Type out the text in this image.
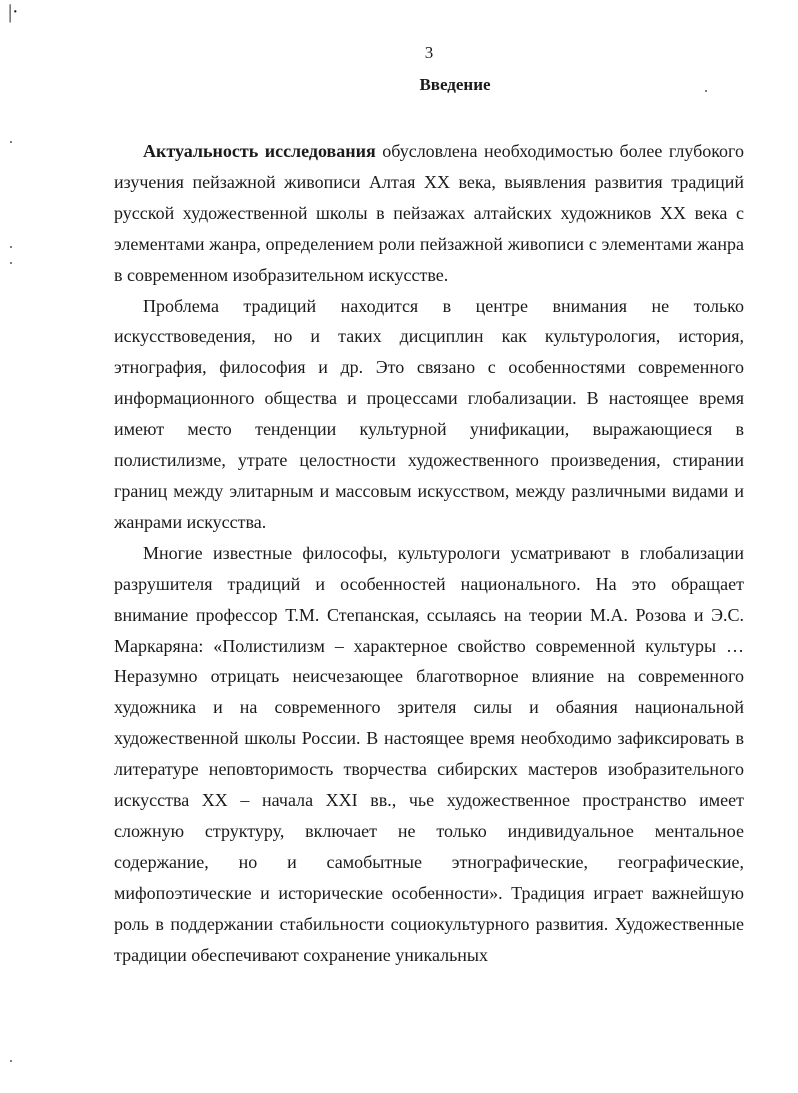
|·
3
Введение

Актуальность исследования обусловлена необходимостью более глубокого изучения пейзажной живописи Алтая XX века, выявления развития традиций русской художественной школы в пейзажах алтайских художников XX века с элементами жанра, определением роли пейзажной живописи с элементами жанра в современном изобразительном искусстве.

Проблема традиций находится в центре внимания не только искусствоведения, но и таких дисциплин как культурология, история, этнография, философия и др. Это связано с особенностями современного информационного общества и процессами глобализации. В настоящее время имеют место тенденции культурной унификации, выражающиеся в полистилизме, утрате целостности художественного произведения, стирании границ между элитарным и массовым искусством, между различными видами и жанрами искусства.

Многие известные философы, культурологи усматривают в глобализации разрушителя традиций и особенностей национального. На это обращает внимание профессор Т.М. Степанская, ссылаясь на теории М.А. Розова и Э.С. Маркаряна: «Полистилизм – характерное свойство современной культуры … Неразумно отрицать неисчезающее благотворное влияние на современного художника и на современного зрителя силы и обаяния национальной художественной школы России. В настоящее время необходимо зафиксировать в литературе неповторимость творчества сибирских мастеров изобразительного искусства XX – начала XXI вв., чье художественное пространство имеет сложную структуру, включает не только индивидуальное ментальное содержание, но и самобытные этнографические, географические, мифопоэтические и исторические особенности». Традиция играет важнейшую роль в поддержании стабильности социокультурного развития. Художественные традиции обеспечивают сохранение уникальных
